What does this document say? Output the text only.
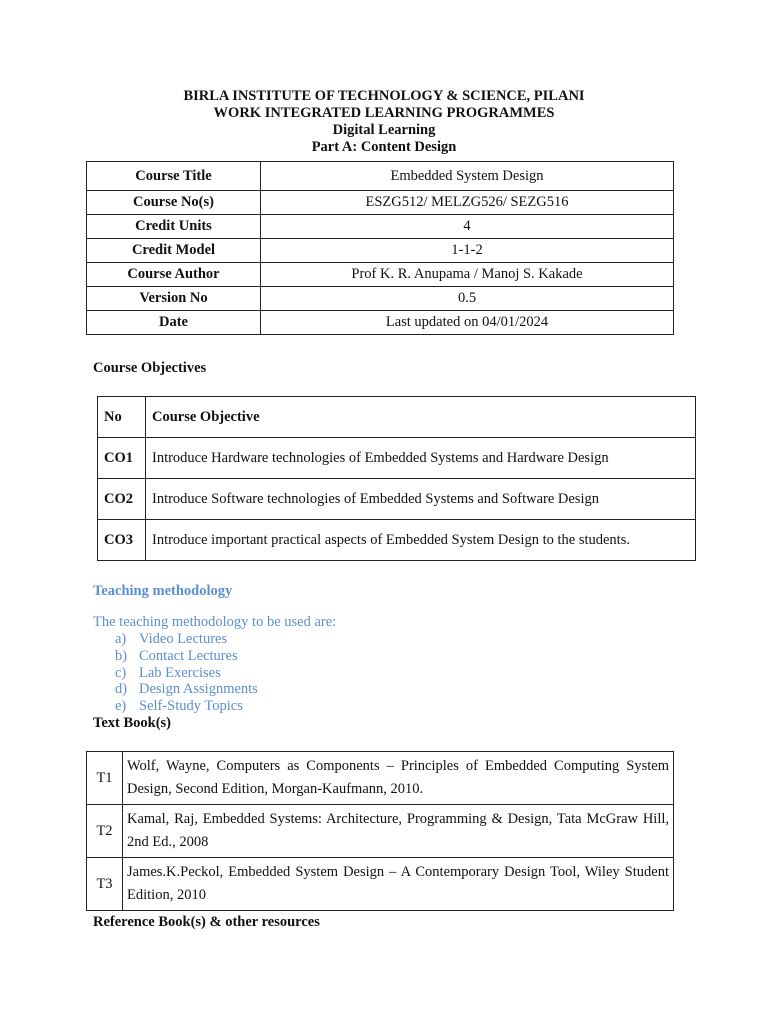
BIRLA INSTITUTE OF TECHNOLOGY & SCIENCE, PILANI
WORK INTEGRATED LEARNING PROGRAMMES
Digital Learning
Part A: Content Design
Course Title	Embedded System Design
Course No(s)	ESZG512/ MELZG526/ SEZG516
Credit Units	4
Credit Model	1-1-2
Course Author	Prof K. R. Anupama / Manoj S. Kakade
Version No	0.5
Date	Last updated on 04/01/2024
Course Objectives
No	Course Objective
CO1	Introduce Hardware technologies of Embedded Systems and Hardware Design
CO2	Introduce Software technologies of Embedded Systems and Software Design
CO3	Introduce important practical aspects of Embedded System Design to the students.
Teaching methodology
The teaching methodology to be used are:
a) Video Lectures
b) Contact Lectures
c) Lab Exercises
d) Design Assignments
e) Self-Study Topics
Text Book(s)
T1	Wolf, Wayne, Computers as Components – Principles of Embedded Computing System Design, Second Edition, Morgan-Kaufmann, 2010.
T2	Kamal, Raj, Embedded Systems: Architecture, Programming & Design, Tata McGraw Hill, 2nd Ed., 2008
T3	James.K.Peckol, Embedded System Design – A Contemporary Design Tool, Wiley Student Edition, 2010
Reference Book(s) & other resources
